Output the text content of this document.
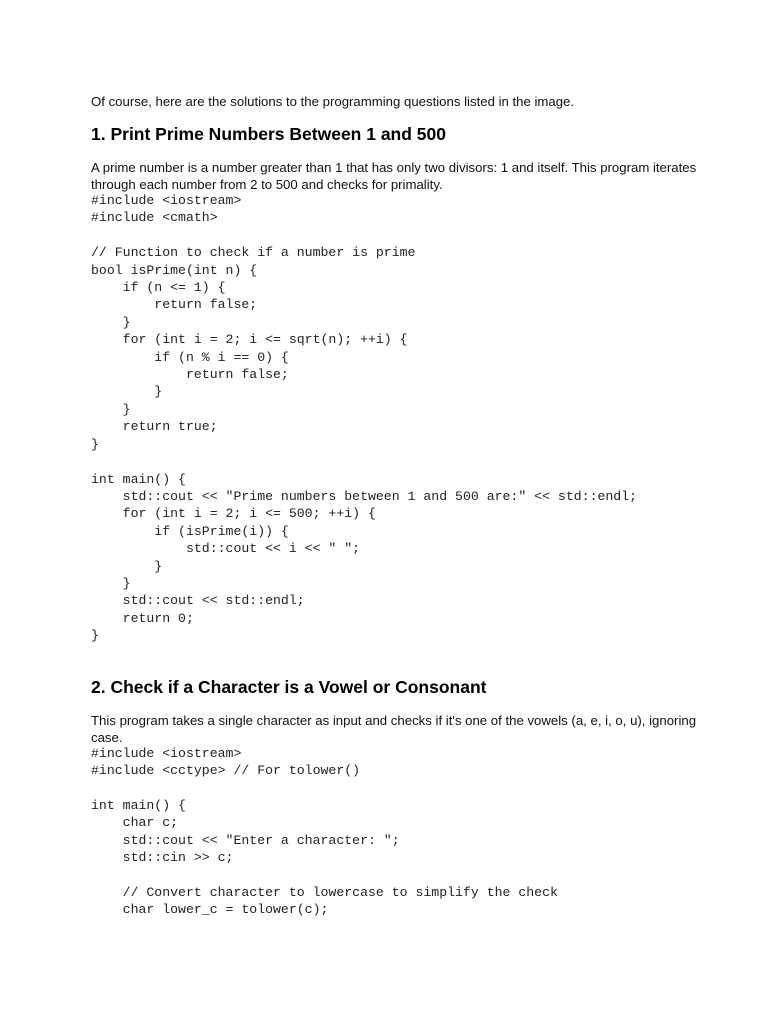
Of course, here are the solutions to the programming questions listed in the image.

1. Print Prime Numbers Between 1 and 500

A prime number is a number greater than 1 that has only two divisors: 1 and itself. This program iterates through each number from 2 to 500 and checks for primality.

#include <iostream>
#include <cmath>

// Function to check if a number is prime
bool isPrime(int n) {
if (n <= 1) {
return false;
}
for (int i = 2; i <= sqrt(n); ++i) {
if (n % i == 0) {
return false;
}
}
return true;
}

int main() {
std::cout << "Prime numbers between 1 and 500 are:" << std::endl;
for (int i = 2; i <= 500; ++i) {
if (isPrime(i)) {
std::cout << i << " ";
}
}
std::cout << std::endl;
return 0;
}
2. Check if a Character is a Vowel or Consonant

This program takes a single character as input and checks if it's one of the vowels (a, e, i, o, u), ignoring case.

#include <iostream>
#include <cctype> // For tolower()

int main() {
char c;
std::cout << "Enter a character: ";
std::cin >> c;

// Convert character to lowercase to simplify the check
char lower_c = tolower(c);
